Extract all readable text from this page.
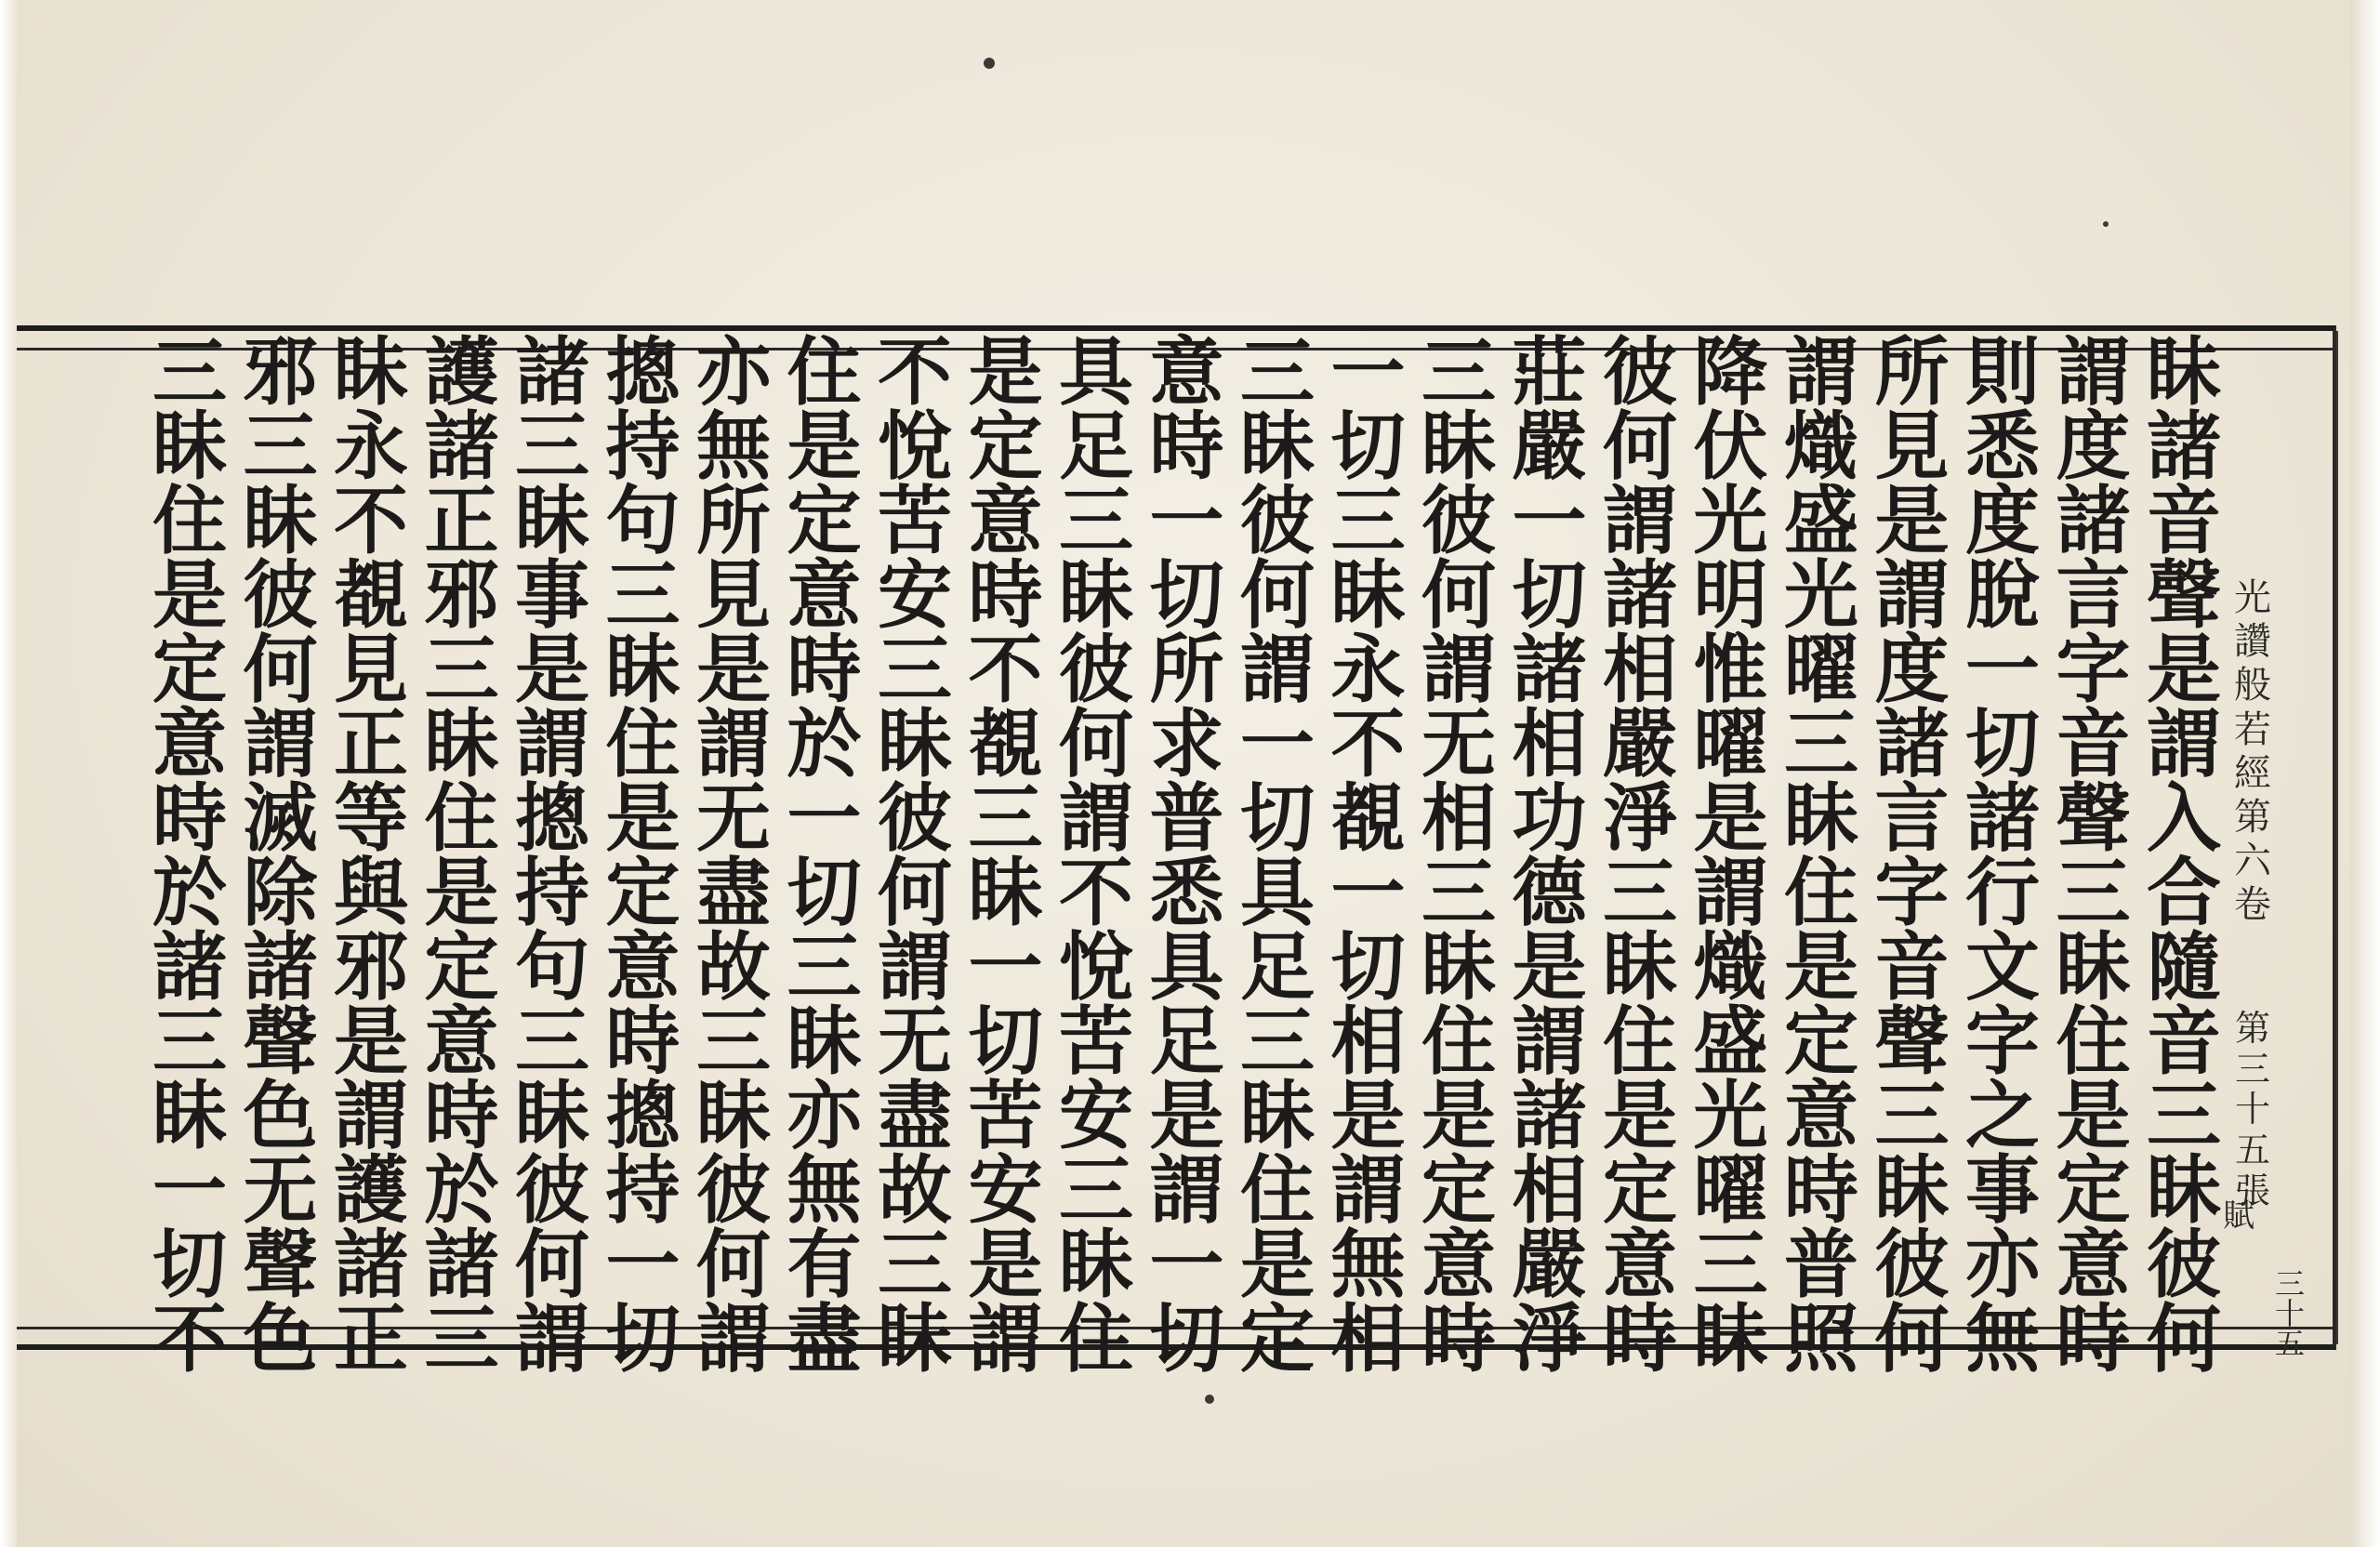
眛
諸
音
聲
是
謂
入
合
隨
音
三
眛
彼
何
謂
度
諸
言
字
音
聲
三
眛
住
是
定
意
時
則
悉
度
脫
一
切
諸
行
文
字
之
事
亦
無
所
見
是
謂
度
諸
言
字
音
聲
三
眛
彼
何
謂
熾
盛
光
曜
三
眛
住
是
定
意
時
普
照
降
伏
光
明
惟
曜
是
謂
熾
盛
光
曜
三
眛
彼
何
謂
諸
相
嚴
淨
三
眛
住
是
定
意
時
莊
嚴
一
切
諸
相
功
德
是
謂
諸
相
嚴
淨
三
眛
彼
何
謂
无
相
三
眛
住
是
定
意
時
一
切
三
眛
永
不
覩
一
切
相
是
謂
無
相
三
眛
彼
何
謂
一
切
具
足
三
眛
住
是
定
意
時
一
切
所
求
普
悉
具
足
是
謂
一
切
具
足
三
眛
彼
何
謂
不
悅
苦
安
三
眛
住
是
定
意
時
不
覩
三
眛
一
切
苦
安
是
謂
不
悅
苦
安
三
眛
彼
何
謂
无
盡
故
三
眛
住
是
定
意
時
於
一
切
三
眛
亦
無
有
盡
亦
無
所
見
是
謂
无
盡
故
三
眛
彼
何
謂
摠
持
句
三
眛
住
是
定
意
時
摠
持
一
切
諸
三
眛
事
是
謂
摠
持
句
三
眛
彼
何
謂
護
諸
正
邪
三
眛
住
是
定
意
時
於
諸
三
眛
永
不
覩
見
正
等
與
邪
是
謂
護
諸
正
邪
三
眛
彼
何
謂
滅
除
諸
聲
色
无
聲
色
三
眛
住
是
定
意
時
於
諸
三
眛
一
切
不
光讚般若經第六卷
第三十五張
賦
三十五
